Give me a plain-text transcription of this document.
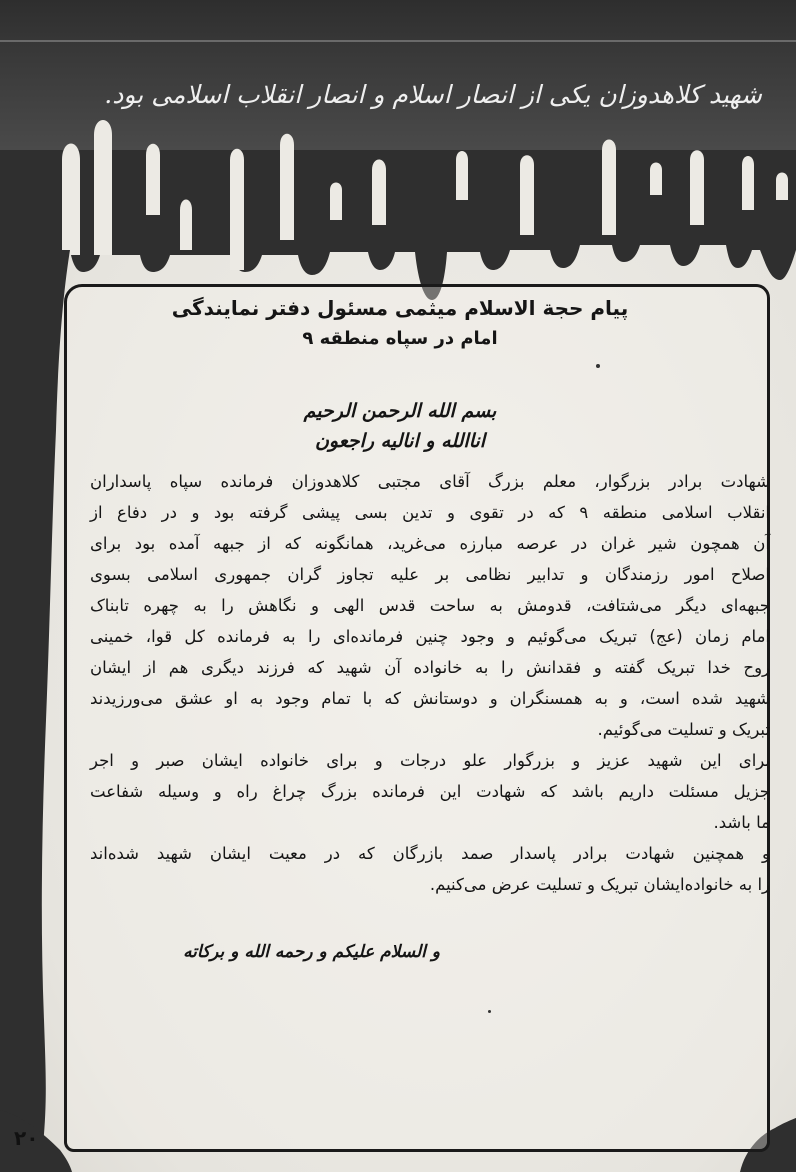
شهید کلاهدوزان یکی از انصار اسلام و انصار انقلاب اسلامی بود.
پیام حجة الاسلام میثمی مسئول دفتر نمایندگی
امام در سپاه منطقه ۹
بسم الله الرحمن الرحیم
اناالله و انالیه راجعون
شهادت برادر بزرگوار، معلم بزرگ آقای مجتبی کلاهدوزان فرمانده سپاه پاسداران
انقلاب اسلامی منطقه ۹ که در تقوی و تدین بسی پیشی گرفته بود و در دفاع از
آن همچون شیر غران در عرصه مبارزه می‌غرید، همانگونه که از جبهه آمده بود برای
اصلاح امور رزمندگان و تدابیر نظامی بر علیه تجاوز گران جمهوری اسلامی بسوی
جبهه‌ای دیگر می‌شتافت، قدومش به ساحت قدس الهی و نگاهش را به چهره تابناک
امام زمان (عج) تبریک می‌گوئیم و وجود چنین فرمانده‌ای را به فرمانده کل قوا، خمینی
روح خدا تبریک گفته و فقدانش را به خانواده آن شهید که فرزند دیگری هم از ایشان
شهید شده است، و به همسنگران و دوستانش که با تمام وجود به او عشق می‌ورزیدند
تبریک و تسلیت می‌گوئیم.
برای این شهید عزیز و بزرگوار علو درجات و برای خانواده ایشان صبر و اجر
جزیل مسئلت داریم باشد که شهادت این فرمانده بزرگ چراغ راه و وسیله شفاعت
ما باشد.
و همچنین شهادت برادر پاسدار صمد بازرگان که در معیت ایشان شهید شده‌اند
را به خانواده‌ایشان تبریک و تسلیت عرض می‌کنیم.
و السلام علیکم و رحمه الله و برکاته
۲۰
